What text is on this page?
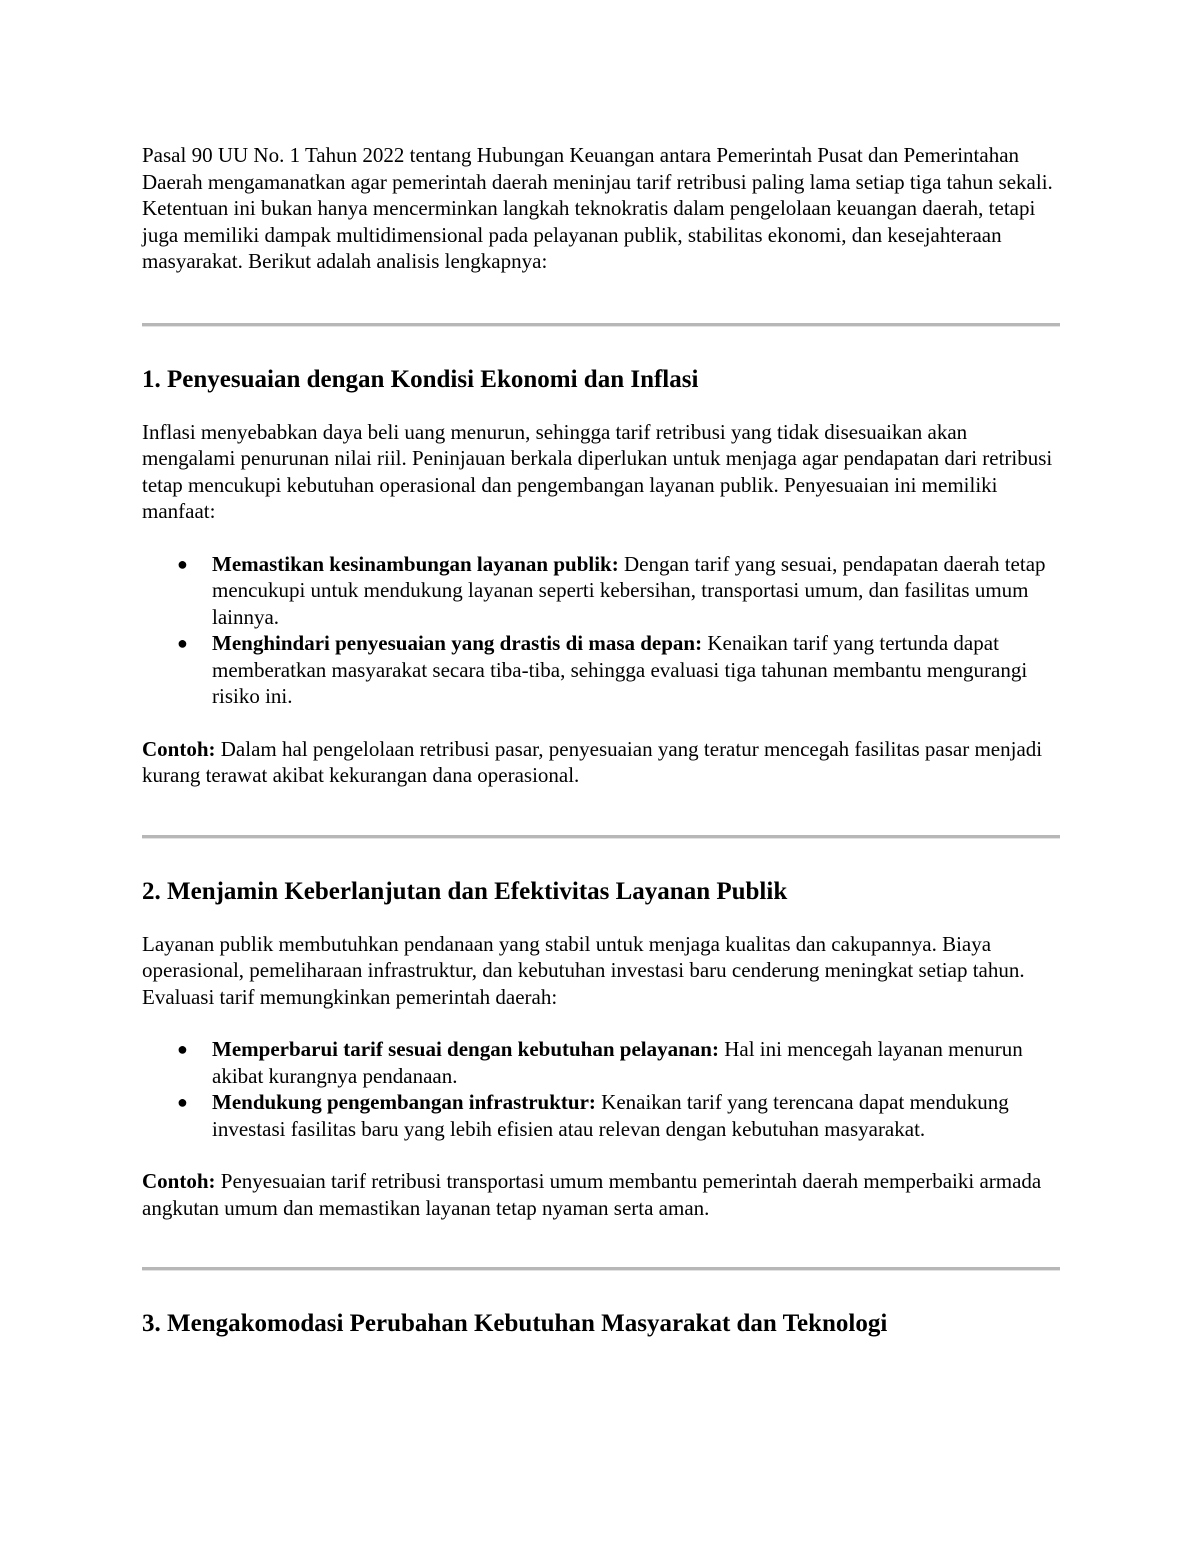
Pasal 90 UU No. 1 Tahun 2022 tentang Hubungan Keuangan antara Pemerintah Pusat dan Pemerintahan Daerah mengamanatkan agar pemerintah daerah meninjau tarif retribusi paling lama setiap tiga tahun sekali. Ketentuan ini bukan hanya mencerminkan langkah teknokratis dalam pengelolaan keuangan daerah, tetapi juga memiliki dampak multidimensional pada pelayanan publik, stabilitas ekonomi, dan kesejahteraan masyarakat. Berikut adalah analisis lengkapnya:

1. Penyesuaian dengan Kondisi Ekonomi dan Inflasi

Inflasi menyebabkan daya beli uang menurun, sehingga tarif retribusi yang tidak disesuaikan akan mengalami penurunan nilai riil. Peninjauan berkala diperlukan untuk menjaga agar pendapatan dari retribusi tetap mencukupi kebutuhan operasional dan pengembangan layanan publik. Penyesuaian ini memiliki manfaat:

● Memastikan kesinambungan layanan publik: Dengan tarif yang sesuai, pendapatan daerah tetap mencukupi untuk mendukung layanan seperti kebersihan, transportasi umum, dan fasilitas umum lainnya.
● Menghindari penyesuaian yang drastis di masa depan: Kenaikan tarif yang tertunda dapat memberatkan masyarakat secara tiba-tiba, sehingga evaluasi tiga tahunan membantu mengurangi risiko ini.

Contoh: Dalam hal pengelolaan retribusi pasar, penyesuaian yang teratur mencegah fasilitas pasar menjadi kurang terawat akibat kekurangan dana operasional.

2. Menjamin Keberlanjutan dan Efektivitas Layanan Publik

Layanan publik membutuhkan pendanaan yang stabil untuk menjaga kualitas dan cakupannya. Biaya operasional, pemeliharaan infrastruktur, dan kebutuhan investasi baru cenderung meningkat setiap tahun. Evaluasi tarif memungkinkan pemerintah daerah:

● Memperbarui tarif sesuai dengan kebutuhan pelayanan: Hal ini mencegah layanan menurun akibat kurangnya pendanaan.
● Mendukung pengembangan infrastruktur: Kenaikan tarif yang terencana dapat mendukung investasi fasilitas baru yang lebih efisien atau relevan dengan kebutuhan masyarakat.

Contoh: Penyesuaian tarif retribusi transportasi umum membantu pemerintah daerah memperbaiki armada angkutan umum dan memastikan layanan tetap nyaman serta aman.

3. Mengakomodasi Perubahan Kebutuhan Masyarakat dan Teknologi
